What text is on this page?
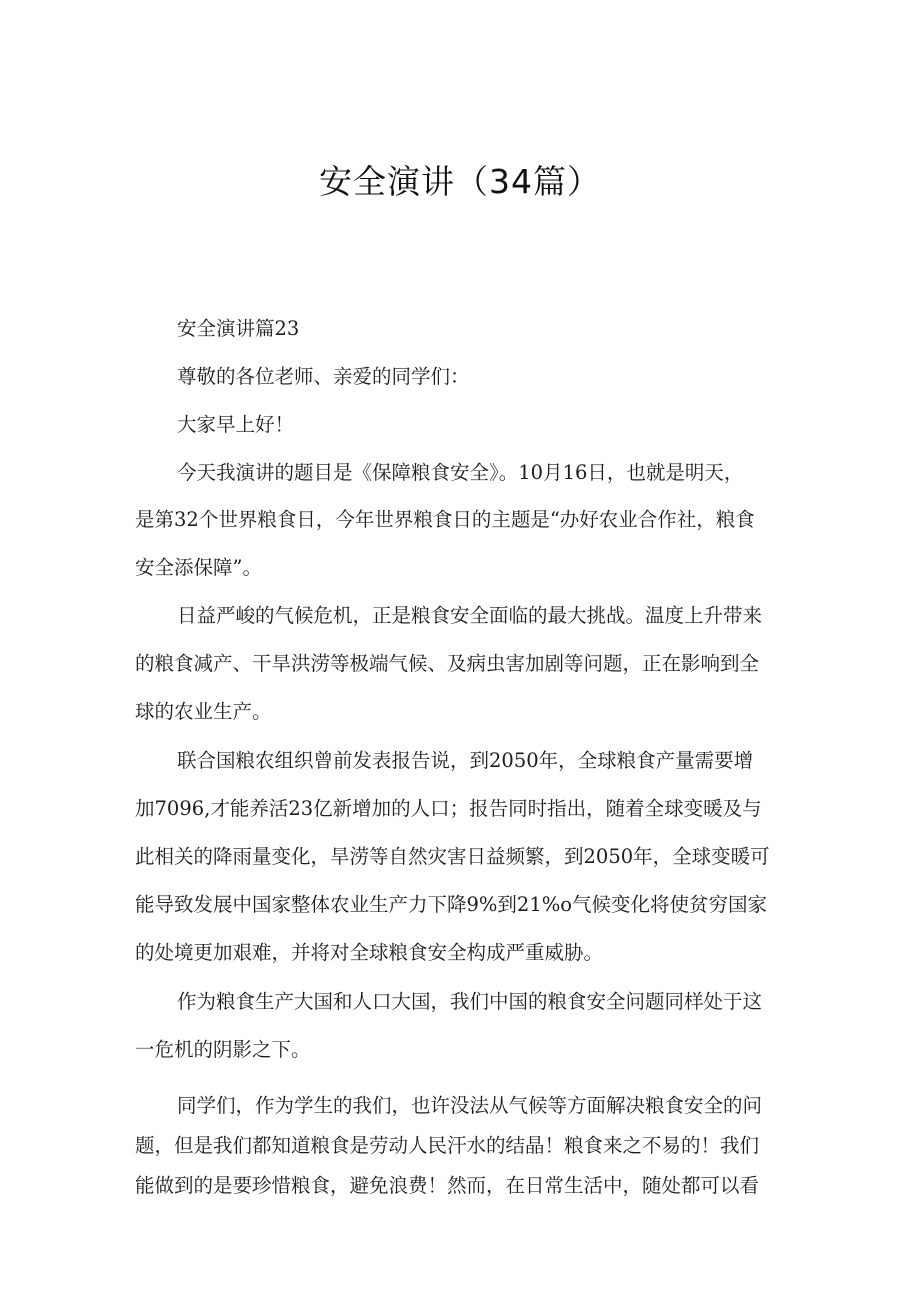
安全演讲（34篇）

安全演讲篇23

尊敬的各位老师、亲爱的同学们：

大家早上好！

今天我演讲的题目是《保障粮食安全》。10月16日，也就是明天，

是第32个世界粮食日，今年世界粮食日的主题是“办好农业合作社，粮食

安全添保障”。

日益严峻的气候危机，正是粮食安全面临的最大挑战。温度上升带来

的粮食减产、干旱洪涝等极端气候、及病虫害加剧等问题，正在影响到全

球的农业生产。

联合国粮农组织曾前发表报告说，到2050年，全球粮食产量需要增

加7096,才能养活23亿新增加的人口；报告同时指出，随着全球变暖及与

此相关的降雨量变化，旱涝等自然灾害日益频繁，到2050年，全球变暖可

能导致发展中国家整体农业生产力下降9%到21%o气候变化将使贫穷国家

的处境更加艰难，并将对全球粮食安全构成严重威胁。

作为粮食生产大国和人口大国，我们中国的粮食安全问题同样处于这

一危机的阴影之下。

同学们，作为学生的我们，也许没法从气候等方面解决粮食安全的问

题，但是我们都知道粮食是劳动人民汗水的结晶！粮食来之不易的！我们

能做到的是要珍惜粮食，避免浪费！然而，在日常生活中，随处都可以看
